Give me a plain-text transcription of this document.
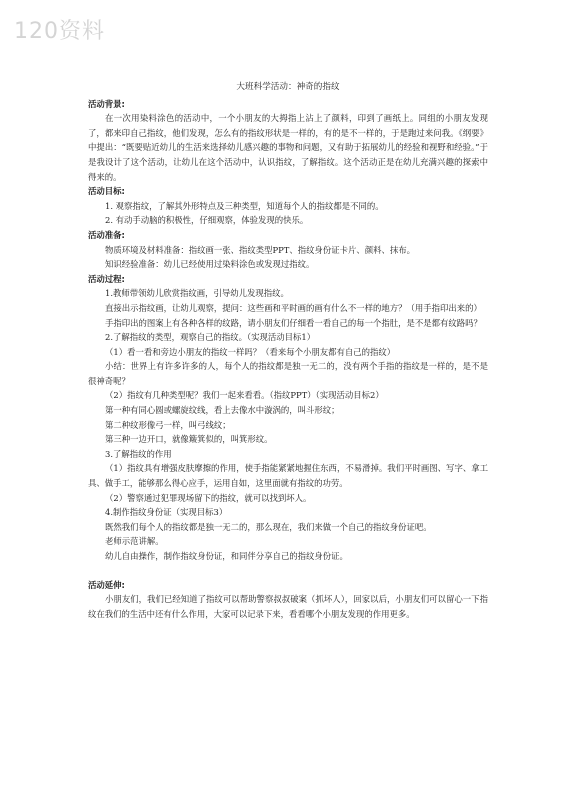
120资料

大班科学活动：神奇的指纹

活动背景:

在一次用染料涂色的活动中，一个小朋友的大拇指上沾上了颜料，印到了画纸上。同组的小朋友发现了，都来印自己指纹，他们发现，怎么有的指纹形状是一样的，有的是不一样的，于是跑过来问我。《纲要》中提出：“既要贴近幼儿的生活来选择幼儿感兴趣的事物和问题，又有助于拓展幼儿的经验和视野和经验。”于是我设计了这个活动，让幼儿在这个活动中，认识指纹，了解指纹。这个活动正是在幼儿充满兴趣的探索中得来的。

活动目标:

1. 观察指纹，了解其外形特点及三种类型，知道每个人的指纹都是不同的。

2. 有动手动脑的积极性，仔细观察，体验发现的快乐。

活动准备:

物质环境及材料准备：指纹画一张、指纹类型PPT、指纹身份证卡片、颜料、抹布。

知识经验准备：幼儿已经使用过染料涂色或发现过指纹。

活动过程:

1.教师带领幼儿欣赏指纹画，引导幼儿发现指纹。

直接出示指纹画，让幼儿观察，提问：这些画和平时画的画有什么不一样的地方？（用手指印出来的）

手指印出的图案上有各种各样的纹路，请小朋友们仔细看一看自己的每一个指肚，是不是都有纹路吗？

2.了解指纹的类型，观察自己的指纹。（实现活动目标1）

（1）看一看和旁边小朋友的指纹一样吗？（看来每个小朋友都有自己的指纹）

小结：世界上有许多许多的人，每个人的指纹都是独一无二的，没有两个手指的指纹是一样的，是不是很神奇呢？

（2）指纹有几种类型呢？我们一起来看看。（指纹PPT）（实现活动目标2）

第一种有同心圆或螺旋纹线，看上去像水中漩涡的，叫斗形纹；

第二种纹形像弓一样，叫弓线纹；

第三种一边开口，就像簸箕似的，叫箕形纹。

3.了解指纹的作用

（1）指纹具有增强皮肤摩擦的作用，使手指能紧紧地握住东西，不易滑掉。我们平时画图、写字、拿工具、做手工，能够那么得心应手，运用自如，这里面就有指纹的功劳。

（2）警察通过犯罪现场留下的指纹，就可以找到坏人。

4.制作指纹身份证（实现目标3）

既然我们每个人的指纹都是独一无二的，那么现在，我们来做一个自己的指纹身份证吧。

老师示范讲解。

幼儿自由操作，制作指纹身份证，和同伴分享自己的指纹身份证。

活动延伸:

小朋友们，我们已经知道了指纹可以帮助警察叔叔破案（抓坏人），回家以后，小朋友们可以留心一下指纹在我们的生活中还有什么作用，大家可以记录下来，看看哪个小朋友发现的作用更多。
